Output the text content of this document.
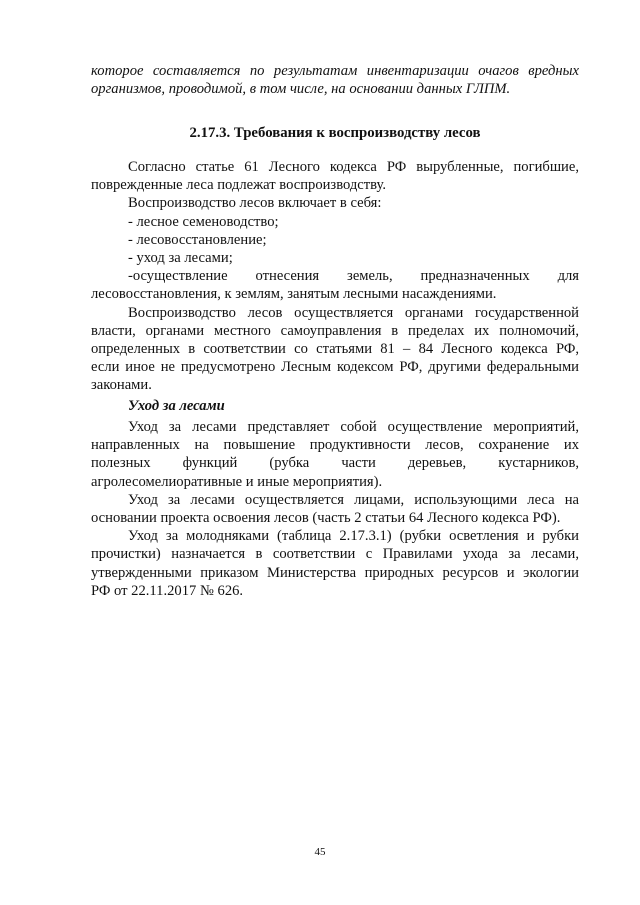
которое составляется по результатам инвентаризации очагов вредных

организмов, проводимой, в том числе, на основании данных ГЛПМ.

2.17.3. Требования к воспроизводству лесов

Согласно статье 61 Лесного кодекса РФ вырубленные, погибшие,

поврежденные леса подлежат воспроизводству.

Воспроизводство лесов включает в себя:

- лесное семеноводство;

- лесовосстановление;

- уход за лесами;

-осуществление отнесения земель, предназначенных для

лесовосстановления, к землям, занятым лесными насаждениями.

Воспроизводство лесов осуществляется органами государственной

власти, органами местного самоуправления в пределах их полномочий,

определенных в соответствии со статьями 81 – 84 Лесного кодекса РФ,

если иное не предусмотрено Лесным кодексом РФ, другими федеральными

законами.

Уход за лесами

Уход за лесами представляет собой осуществление мероприятий,

направленных на повышение продуктивности лесов, сохранение их

полезных функций (рубка части деревьев, кустарников,

агролесомелиоративные и иные мероприятия).

Уход за лесами осуществляется лицами, использующими леса на

основании проекта освоения лесов (часть 2 статьи 64 Лесного кодекса РФ).

Уход за молодняками (таблица 2.17.3.1) (рубки осветления и рубки

прочистки) назначается в соответствии с Правилами ухода за лесами,

утвержденными приказом Министерства природных ресурсов и экологии

РФ от 22.11.2017 № 626.

45
